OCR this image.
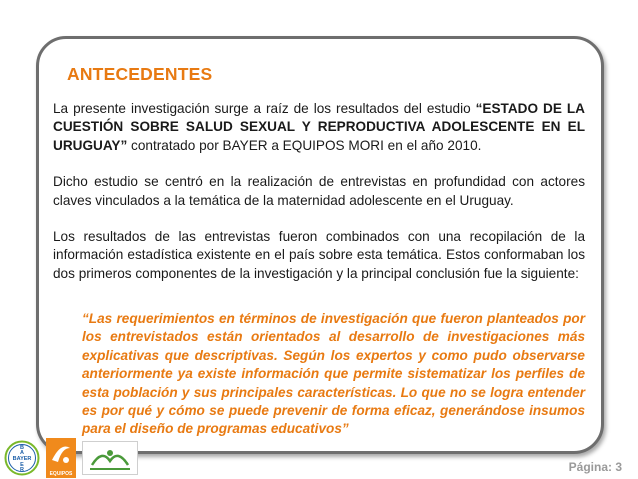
ANTECEDENTES

La presente investigación surge a raíz de los resultados del estudio “ESTADO DE LA CUESTIÓN SOBRE SALUD SEXUAL Y REPRODUCTIVA ADOLESCENTE EN EL URUGUAY” contratado por BAYER a EQUIPOS MORI en el año 2010.

Dicho estudio se centró en la realización de entrevistas en profundidad con actores claves vinculados a la temática de la maternidad adolescente en el Uruguay.

Los resultados de las entrevistas fueron combinados con una recopilación de la información estadística existente en el país sobre esta temática. Estos conformaban los dos primeros componentes de la investigación y la principal conclusión fue la siguiente:

“Las requerimientos en términos de investigación que fueron planteados por los entrevistados están orientados al desarrollo de investigaciones más explicativas que descriptivas. Según los expertos y como pudo observarse anteriormente ya existe información que permite sistematizar los perfiles de esta población y sus principales características. Lo que no se logra entender es por qué y cómo se puede prevenir de forma eficaz, generándose insumos para el diseño de programas educativos”
B
A
BAYER
E
R
EQUIPOS	Página: 3
